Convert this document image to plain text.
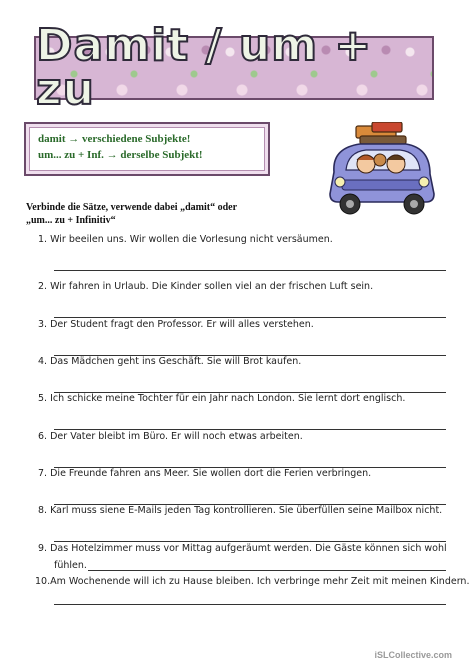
Damit / um + zu
damit → verschiedene Subjekte!
um... zu + Inf. → derselbe Subjekt!
Verbinde die Sätze, verwende dabei „damit“ oder
„um... zu + Infinitiv“
1. Wir beeilen uns. Wir wollen die Vorlesung nicht versäumen.
2. Wir fahren in Urlaub. Die Kinder sollen viel an der frischen Luft sein.
3. Der Student fragt den Professor. Er will alles verstehen.
4. Das Mädchen geht ins Geschäft. Sie will Brot kaufen.
5. Ich schicke meine Tochter für ein Jahr nach London. Sie lernt dort englisch.
6. Der Vater bleibt im Büro. Er will noch etwas arbeiten.
7. Die Freunde fahren ans Meer. Sie wollen dort die Ferien verbringen.
8. Karl muss siene E-Mails jeden Tag kontrollieren. Sie überfüllen seine Mailbox nicht.
9. Das Hotelzimmer muss vor Mittag aufgeräumt werden. Die Gäste können sich wohl
fühlen.
10.Am Wochenende will ich zu Hause bleiben. Ich verbringe mehr Zeit mit meinen Kindern.
iSLCollective.com
